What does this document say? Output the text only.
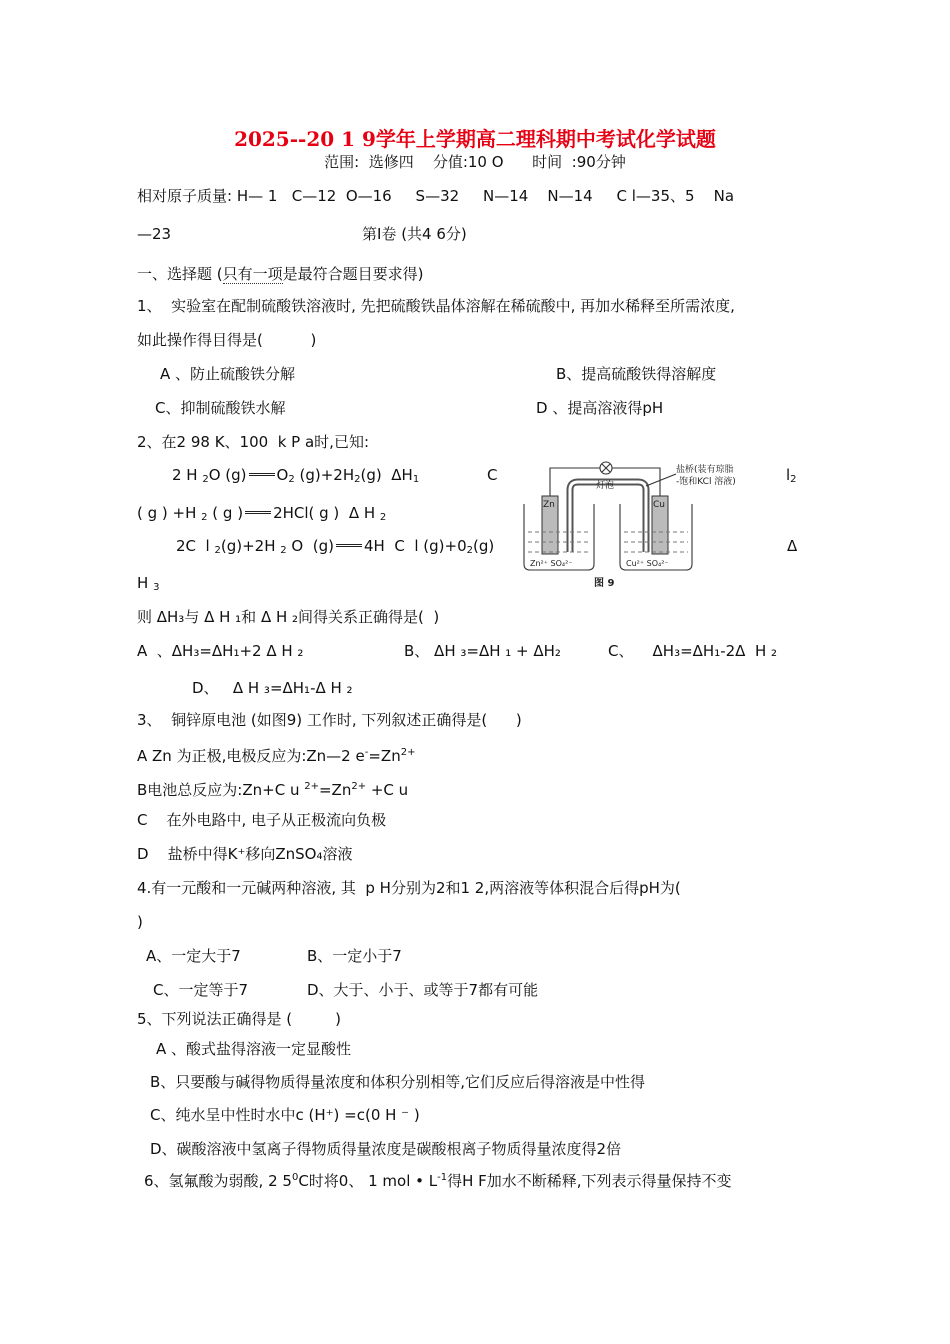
2025--20 1 9学年上学期高二理科期中考试化学试题
范围:  选修四    分值:10 O      时间  :90分钟
相对原子质量: H— 1   C—12  O—16     S—32     N—14    N—14     C l—35、5    Na
—23	第Ⅰ卷 (共4 6分)
一、选择题 (只有一项是最符合题目要求得)
1、  实验室在配制硫酸铁溶液时, 先把硫酸铁晶体溶解在稀硫酸中, 再加水稀释至所需浓度,
如此操作得目得是(          )
A 、防止硫酸铁分解	B、提高硫酸铁得溶解度
C、抑制硫酸铁水解	D 、提高溶液得pH
2、在2 98 K、100  k P a时,已知:
2 H 2O (g) O2 (g)+2H2(g)  ΔH1	C	l2
( g ) +H 2 ( g ) 2HCl( g )  Δ H 2
2C  l 2(g)+2H 2 O  (g) 4H  C  l (g)+02(g)	Δ
H 3
则 ΔH₃与 Δ H ₁和 Δ H ₂间得关系正确得是(  )
A  、ΔH₃=ΔH₁+2 Δ H ₂	B、 ΔH ₃=ΔH ₁ + ΔH₂	C、    ΔH₃=ΔH₁-2Δ  H ₂
D、   Δ H ₃=ΔH₁-Δ H ₂
Zn	Cu
灯泡
盐桥(装有琼脂
-饱和KCl 溶液)
Zn²⁺ SO₄²⁻	Cu²⁺ SO₄²⁻
图 9
3、  铜锌原电池 (如图9) 工作时, 下列叙述正确得是(      )
A Zn 为正极,电极反应为:Zn—2 $e^-=Zn^{2+}$
B电池总反应为:Zn+C u $^{2+}=Zn^{2+} +C$ u
C    在外电路中, 电子从正极流向负极
D    盐桥中得K⁺移向ZnSO₄溶液
4.有一元酸和一元碱两种溶液, 其  p H分别为2和1 2,两溶液等体积混合后得pH为(
)
A、一定大于7	B、一定小于7
C、一定等于7	D、大于、小于、或等于7都有可能
5、下列说法正确得是 (         )
A 、酸式盐得溶液一定显酸性
B、只要酸与碱得物质得量浓度和体积分别相等,它们反应后得溶液是中性得
C、纯水呈中性时水中c (H⁺) =c(0 H ⁻ )
D、碳酸溶液中氢离子得物质得量浓度是碳酸根离子物质得量浓度得2倍
6、氢氟酸为弱酸, 2 $5^0C$时将0、 1 mol • $L^{-1}$得H F加水不断稀释,下列表示得量保持不变
